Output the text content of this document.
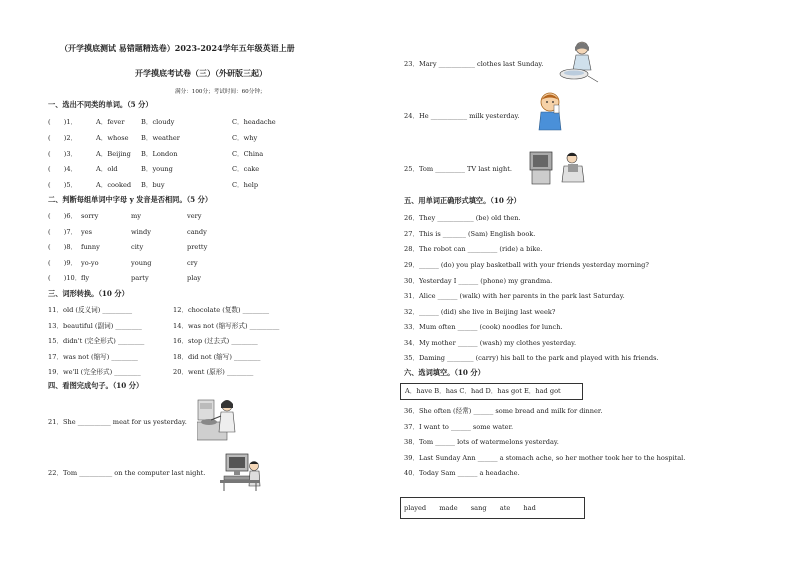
（开学摸底测试 易错题精选卷）2023-2024学年五年级英语上册
开学摸底考试卷（三）（外研版三起）
满分：100分；考试时间：60分钟；
一、选出不同类的单词。（5 分）
(　　)1．	A．fever	B．cloudy	C．headache
(　　)2．	A．whose B．weather	C．why
(　　)3．	A．Beijing B．London	C．China
(　　)4．	A．old	B．young	C．cake
(　　)5．	A．cooked B．buy	C．help
二、判断每组单词中字母 y 发音是否相同。（5 分）
(　　)6． sorry	my	very
(　　)7． yes	windy	candy
(　　)8． funny	city	pretty
(　　)9． yo-yo	young	cry
(　　)10． fly	party	play
三、词形转换。（10 分）
11．old (反义词) _________	12．chocolate (复数) ________
13．beautiful (副词) ________	14．was not (缩写形式) _________
15．didn't (完全形式) ________	16．stop (过去式) ________
17．was not (缩写) ________	18．did not (缩写) ________
19．we'll (完全形式) ________	20．went (原形) ________
四、看图完成句子。（10 分）
21．She __________ meat for us yesterday.
22．Tom __________ on the computer last night.
23．Mary ___________ clothes last Sunday.
24．He ___________ milk yesterday.
25．Tom _________ TV last night.
五、用单词正确形式填空。（10 分）
26．They ___________ (be) old then.
27．This is _______ (Sam) English book.
28．The robot can _________ (ride) a bike.
29．______ (do) you play basketball with your friends yesterday morning?
30．Yesterday I ______ (phone) my grandma.
31．Alice ______ (walk) with her parents in the park last Saturday.
32．______ (did) she live in Beijing last week?
33．Mum often ______ (cook) noodles for lunch.
34．My mother ______ (wash) my clothes yesterday.
35．Daming ________ (carry) his ball to the park and played with his friends.
六、选词填空。（10 分）
A．have B．has C．had D．has got E．had got
36．She often (经常) ______ some bread and milk for dinner.
37．I want to ______ some water.
38．Tom ______ lots of watermelons yesterday.
39．Last Sunday Ann ______ a stomach ache, so her mother took her to the hospital.
40．Today Sam ______ a headache.
played　　made　　sang　　ate　　had
